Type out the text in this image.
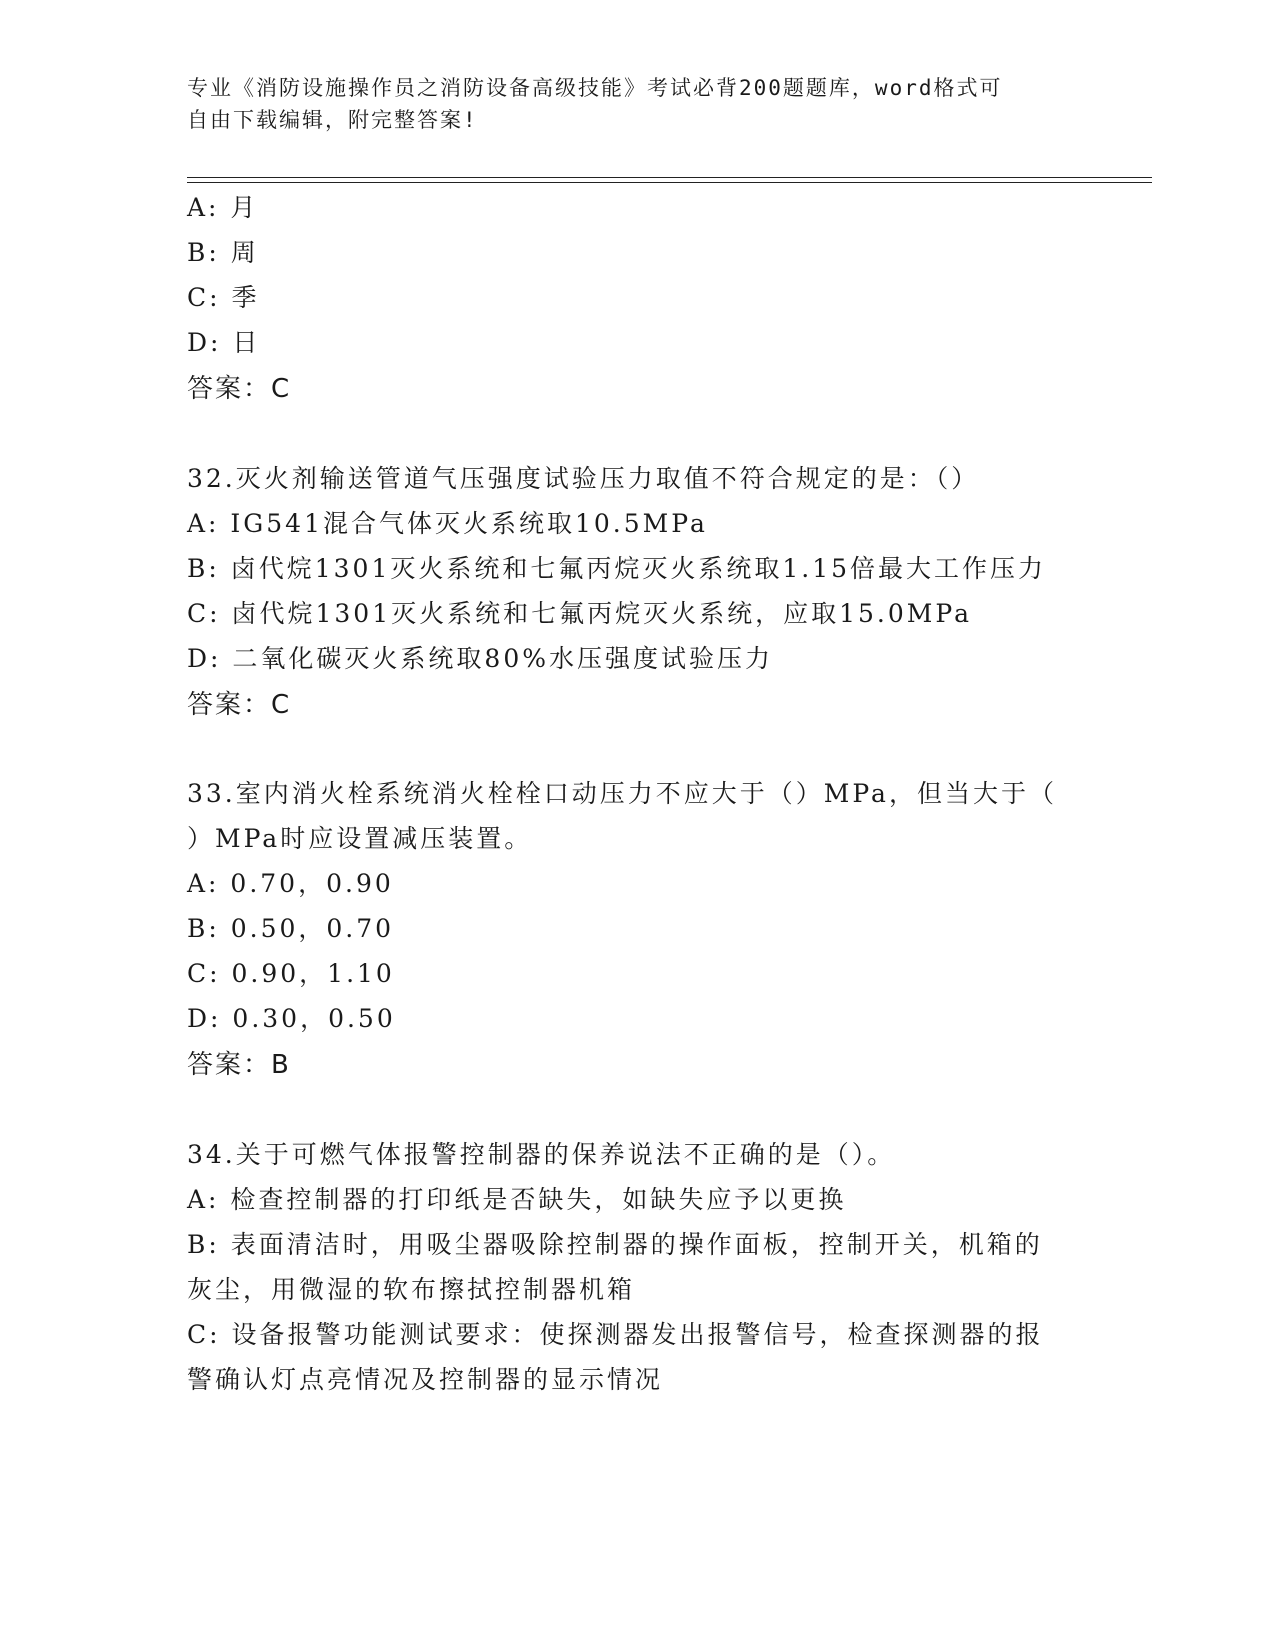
专业《消防设施操作员之消防设备高级技能》考试必背200题题库，word格式可
自由下载编辑，附完整答案!
A: 月
B: 周
C: 季
D: 日
答案：C
32.灭火剂输送管道气压强度试验压力取值不符合规定的是：（）
A: IG541混合气体灭火系统取10.5MPa
B: 卤代烷1301灭火系统和七氟丙烷灭火系统取1.15倍最大工作压力
C: 卤代烷1301灭火系统和七氟丙烷灭火系统，应取15.0MPa
D: 二氧化碳灭火系统取80%水压强度试验压力
答案：C
33.室内消火栓系统消火栓栓口动压力不应大于（）MPa，但当大于（
）MPa时应设置减压装置。
A: 0.70，0.90
B: 0.50，0.70
C: 0.90，1.10
D: 0.30，0.50
答案：B
34.关于可燃气体报警控制器的保养说法不正确的是（）。
A: 检查控制器的打印纸是否缺失，如缺失应予以更换
B: 表面清洁时，用吸尘器吸除控制器的操作面板，控制开关，机箱的
灰尘，用微湿的软布擦拭控制器机箱
C: 设备报警功能测试要求：使探测器发出报警信号，检查探测器的报
警确认灯点亮情况及控制器的显示情况
